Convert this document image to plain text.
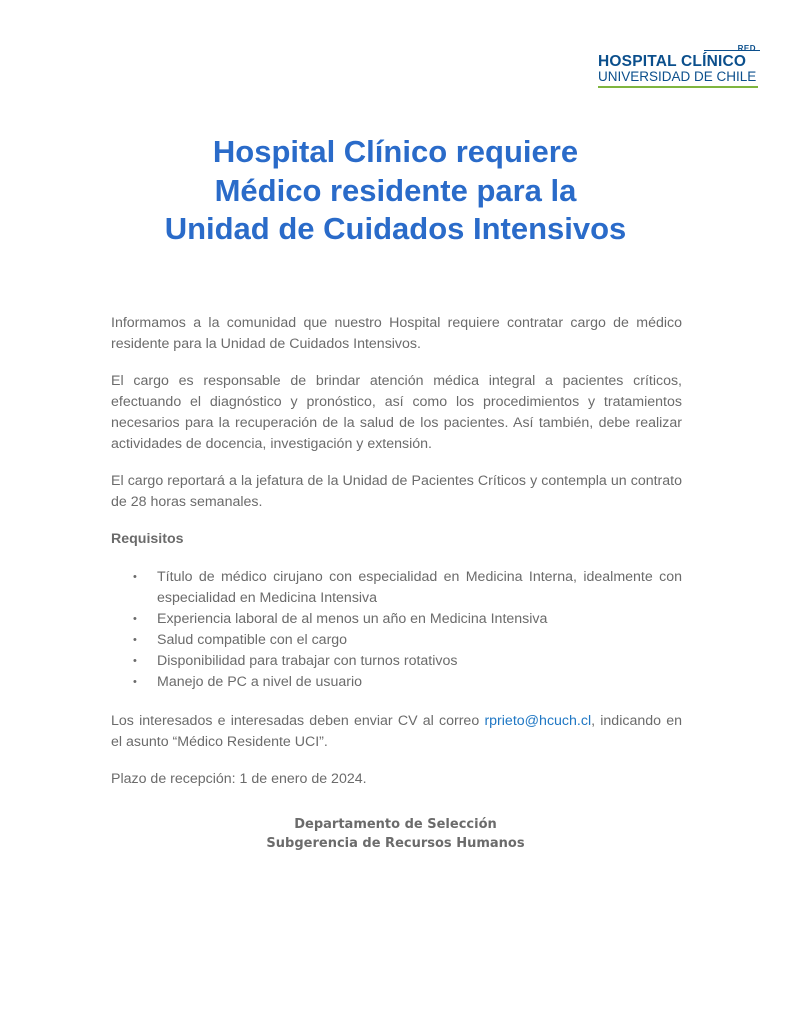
RED
HOSPITAL CLÍNICO
UNIVERSIDAD DE CHILE
Hospital Clínico requiere
Médico residente para la
Unidad de Cuidados Intensivos

Informamos a la comunidad que nuestro Hospital requiere contratar cargo de médico residente para la Unidad de Cuidados Intensivos.

El cargo es responsable de brindar atención médica integral a pacientes críticos, efectuando el diagnóstico y pronóstico, así como los procedimientos y tratamientos necesarios para la recuperación de la salud de los pacientes. Así también, debe realizar actividades de docencia, investigación y extensión.

El cargo reportará a la jefatura de la Unidad de Pacientes Críticos y contempla un contrato de 28 horas semanales.

Requisitos

• Título de médico cirujano con especialidad en Medicina Interna, idealmente con especialidad en Medicina Intensiva
• Experiencia laboral de al menos un año en Medicina Intensiva
• Salud compatible con el cargo
• Disponibilidad para trabajar con turnos rotativos
• Manejo de PC a nivel de usuario

Los interesados e interesadas deben enviar CV al correo rprieto@hcuch.cl, indicando en el asunto “Médico Residente UCI”.

Plazo de recepción: 1 de enero de 2024.

Departamento de Selección
Subgerencia de Recursos Humanos
